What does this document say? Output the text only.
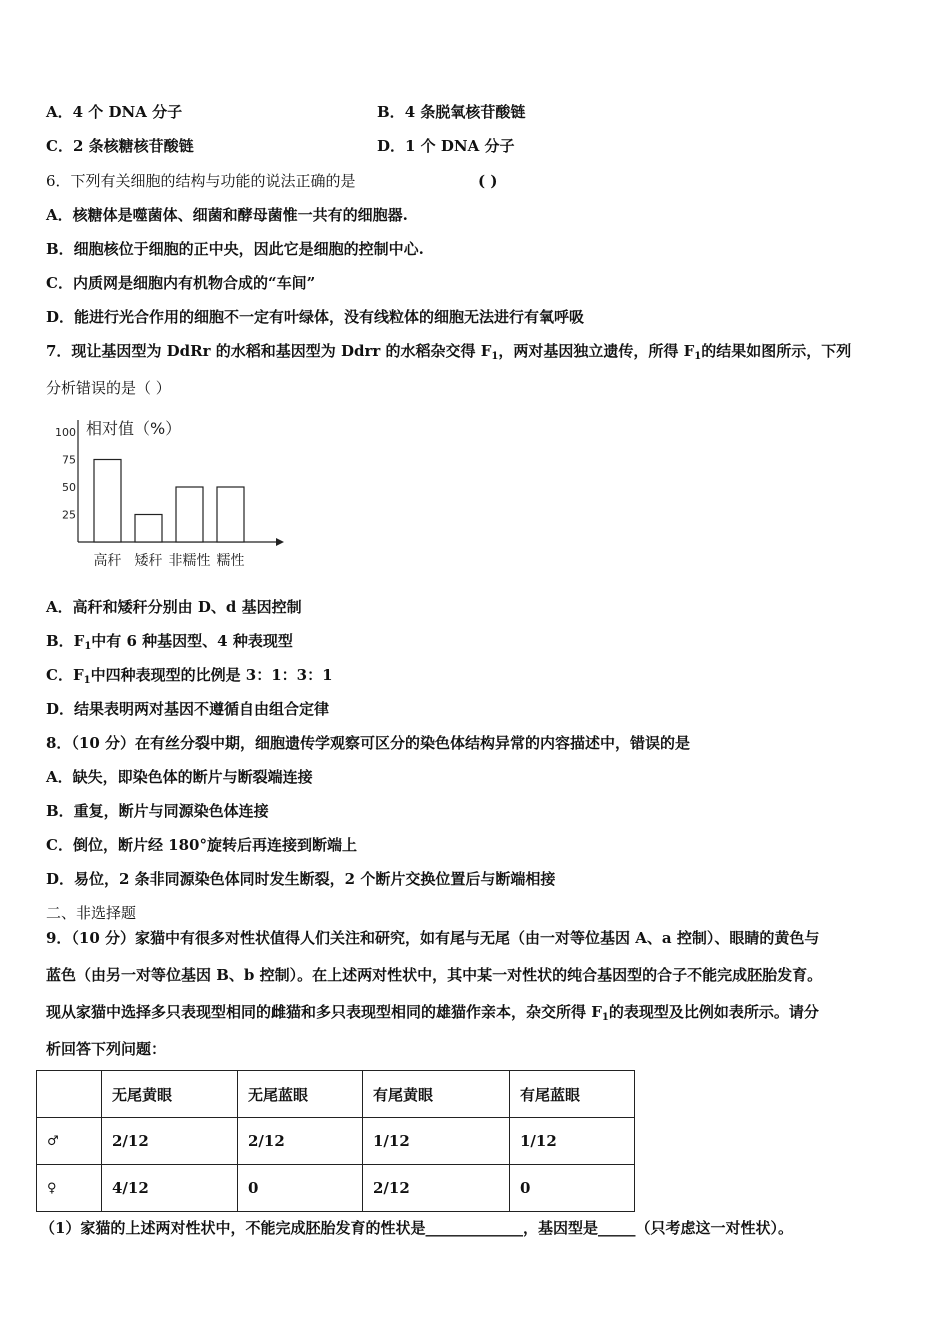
A．4 个 DNA 分子	B．4 条脱氧核苷酸链
C．2 条核糖核苷酸链	D．1 个 DNA 分子
6．下列有关细胞的结构与功能的说法正确的是	( )
A．核糖体是噬菌体、细菌和酵母菌惟一共有的细胞器.
B．细胞核位于细胞的正中央，因此它是细胞的控制中心.
C．内质网是细胞内有机物合成的“车间”
D．能进行光合作用的细胞不一定有叶绿体，没有线粒体的细胞无法进行有氧呼吸
7．现让基因型为 DdRr 的水稻和基因型为 Ddrr 的水稻杂交得 $F_1$，两对基因独立遗传，所得 $F_1$的结果如图所示，下列
分析错误的是（ ）
相对值（%）
25
50
75
100
高秆 矮秆 非糯性 糯性
A．高秆和矮秆分别由 D、d 基因控制
B．$F_1$中有 6 种基因型、4 种表现型
C．$F_1$中四种表现型的比例是 3：1：3：1
D．结果表明两对基因不遵循自由组合定律
8．（10 分）在有丝分裂中期，细胞遗传学观察可区分的染色体结构异常的内容描述中，错误的是
A．缺失，即染色体的断片与断裂端连接
B．重复，断片与同源染色体连接
C．倒位，断片经 180°旋转后再连接到断端上
D．易位，2 条非同源染色体同时发生断裂，2 个断片交换位置后与断端相接
二、非选择题
9．（10 分）家猫中有很多对性状值得人们关注和研究，如有尾与无尾（由一对等位基因 A、a 控制）、眼睛的黄色与
蓝色（由另一对等位基因 B、b 控制）。在上述两对性状中，其中某一对性状的纯合基因型的合子不能完成胚胎发育。
现从家猫中选择多只表现型相同的雌猫和多只表现型相同的雄猫作亲本，杂交所得 $F_1$的表现型及比例如表所示。请分
析回答下列问题：
	无尾黄眼	无尾蓝眼	有尾黄眼	有尾蓝眼
♂	2/12	2/12	1/12	1/12
♀	4/12	0	2/12	0
（1）家猫的上述两对性状中，不能完成胚胎发育的性状是_____________，基因型是_____（只考虑这一对性状）。
